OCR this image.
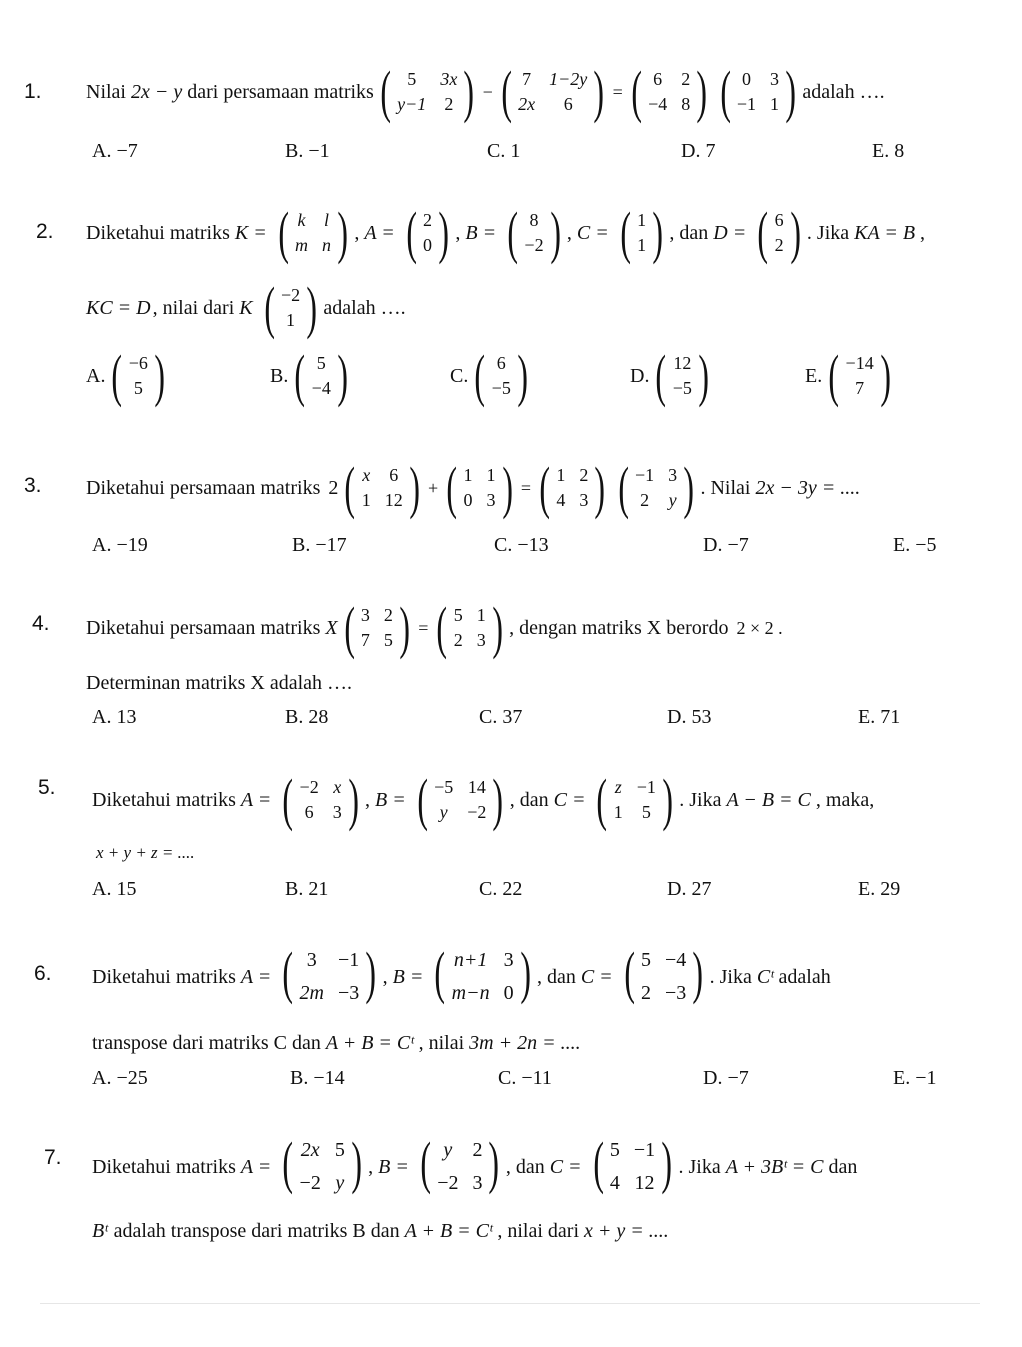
1. Nilai 2x − y dari persamaan matriks ( 5	3x
y−1 2 ) − ( 7 1−2y
2x	6 ) = ( 6 2
−4 8 ) ( 0 3
−1 1 ) adalah ….
A. −7	B. −1	C. 1	D. 7	E. 8
2. Diketahui matriks K = ( k l
m n ) , A = ( 2
0 ) , B = ( 8
−2 ) , C = ( 1
1 ) , dan D = ( 6
2 ) . Jika KA = B ,
KC = D , nilai dari K ( −2
1 ) adalah ….
A. ( −6
5 )	B. ( 5
−4 )	C. ( 6
−5 )	D. ( 12
−5 )	E. ( −14
7 )
3. Diketahui persamaan matriks 2 ( x 6
1 12 ) + ( 1 1
0 3 ) = ( 1 2
4 3 ) ( −1 3
2 y ) . Nilai 2x − 3y = ....
A. −19	B. −17	C. −13	D. −7	E. −5
4. Diketahui persamaan matriks X ( 3 2
7 5 ) = ( 5 1
2 3 ) , dengan matriks X berordo 2 × 2 .
Determinan matriks X adalah ….
A. 13	B. 28	C. 37	D. 53	E. 71
5.
Diketahui matriks A = ( −2 x
6 3 ) , B = ( −5 14
y	−2 ) , dan C = ( z −1
1 5 ) . Jika A − B = C , maka,
x + y + z = ....
A. 15	B. 21	C. 22	D. 27	E. 29
6. Diketahui matriks A = ( 3	−1
2m −3 ) , B = ( n+1 3
m−n 0 ) , dan C = ( 5 −4
2 −3 ) . Jika Cᵗ adalah
transpose dari matriks C dan A + B = Cᵗ , nilai 3m + 2n = ....
A. −25	B. −14	C. −11	D. −7	E. −1
7. Diketahui matriks A = ( 2x 5
−2 y ) , B = ( y	2
−2 3 ) , dan C = ( 5 −1
4 12 ) . Jika A + 3Bᵗ = C dan
Bᵗ adalah transpose dari matriks B dan A + B = Cᵗ , nilai dari x + y = ....
